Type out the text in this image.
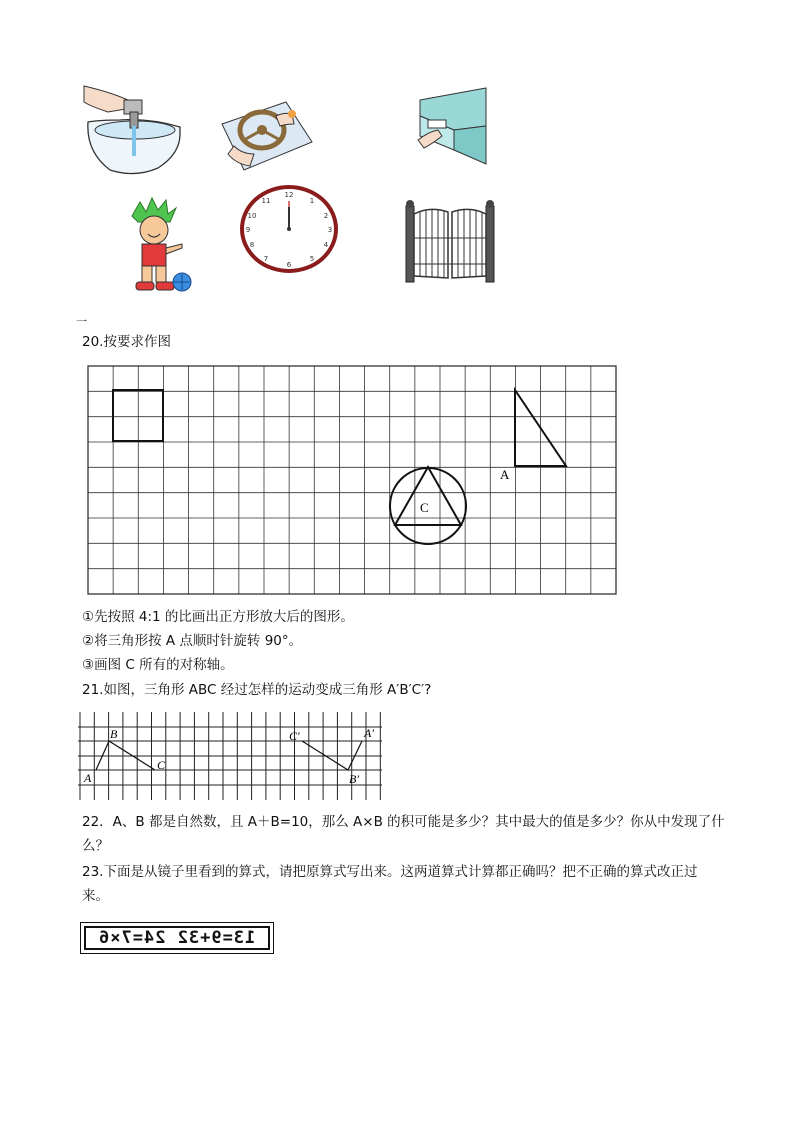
12
1
2
3
4
5
6
7
8
9
10
11
一
20.按要求作图
A
C
①先按照 4:1 的比画出正方形放大后的图形。
②将三角形按 A 点顺时针旋转 90°。
③画图 C 所有的对称轴。
21.如图，三角形 ABC 经过怎样的运动变成三角形 A′B′C′?
A
B
C
C′
B′
A′
22．A、B 都是自然数，且 A＋B=10，那么 A×B 的积可能是多少？其中最大的值是多少？你从中发现了什
么？
23.下面是从镜子里看到的算式，请把原算式写出来。这两道算式计算都正确吗？把不正确的算式改正过
来。
13=9+32 24=7×6
